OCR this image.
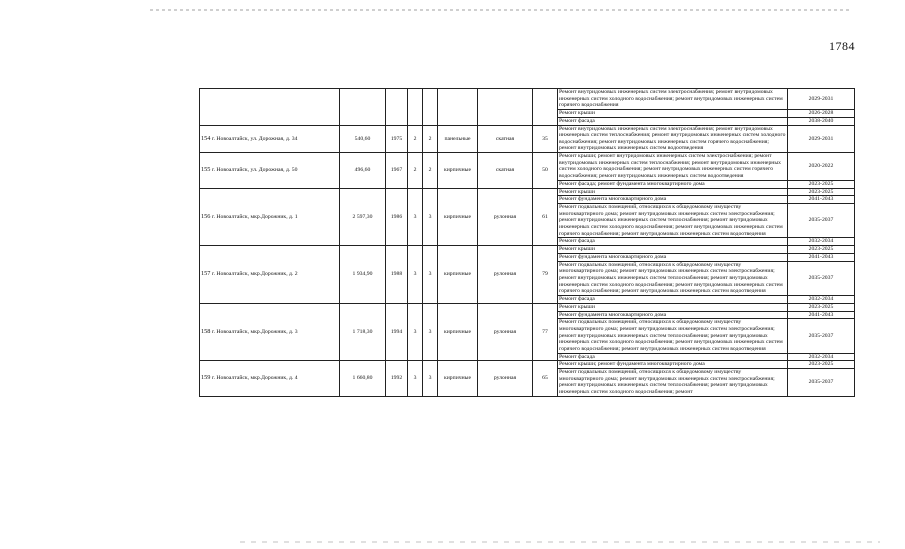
1784
								Ремонт внутридомовых инженерных систем электроснабжения; ремонт внутридомовых инженерных систем холодного водоснабжения; ремонт внутридомовых инженерных систем горячего водоснабжения	2029-2031
								Ремонт крыши	2026-2028
								Ремонт фасада	2038-2040
154 г. Новоалтайск, ул. Дорожная, д. 34	540,60	1975	2	2	панельные	скатная	35	Ремонт внутридомовых инженерных систем электроснабжения; ремонт внутридомовых инженерных систем теплоснабжения; ремонт внутридомовых инженерных систем холодного водоснабжения; ремонт внутридомовых инженерных систем горячего водоснабжения; ремонт внутридомовых инженерных систем водоотведения	2029-2031
155 г. Новоалтайск, ул. Дорожная, д. 50	496,60	1967	2	2	кирпичные	скатная	50	Ремонт крыши; ремонт внутридомовых инженерных систем электроснабжения; ремонт внутридомовых инженерных систем теплоснабжения; ремонт внутридомовых инженерных систем холодного водоснабжения; ремонт внутридомовых инженерных систем горячего водоснабжения; ремонт внутридомовых инженерных систем водоотведения	2020-2022
								Ремонт фасада; ремонт фундамента многоквартирного дома	2023-2025
156 г. Новоалтайск, мкр.Дорожник, д. 1	2 597,30	1986	3	3	кирпичные	рулонная	61	Ремонт крыши	2023-2025
								Ремонт фундамента многоквартирного дома	2041-2043
								Ремонт подвальных помещений, относящихся к общедомовому имуществу многоквартирного дома; ремонт внутридомовых инженерных систем электроснабжения; ремонт внутридомовых инженерных систем теплоснабжения; ремонт внутридомовых инженерных систем холодного водоснабжения; ремонт внутридомовых инженерных систем горячего водоснабжения; ремонт внутридомовых инженерных систем водоотведения	2035-2037
								Ремонт фасада	2032-2034
157 г. Новоалтайск, мкр.Дорожник, д. 2	1 934,90	1988	3	3	кирпичные	рулонная	79	Ремонт крыши	2023-2025
								Ремонт фундамента многоквартирного дома	2041-2043
								Ремонт подвальных помещений, относящихся к общедомовому имуществу многоквартирного дома; ремонт внутридомовых инженерных систем электроснабжения; ремонт внутридомовых инженерных систем теплоснабжения; ремонт внутридомовых инженерных систем холодного водоснабжения; ремонт внутридомовых инженерных систем горячего водоснабжения; ремонт внутридомовых инженерных систем водоотведения	2035-2037
								Ремонт фасада	2032-2034
158 г. Новоалтайск, мкр.Дорожник, д. 3	1 718,30	1994	3	3	кирпичные	рулонная	77	Ремонт крыши	2023-2025
								Ремонт фундамента многоквартирного дома	2041-2043
								Ремонт подвальных помещений, относящихся к общедомовому имуществу многоквартирного дома; ремонт внутридомовых инженерных систем электроснабжения; ремонт внутридомовых инженерных систем теплоснабжения; ремонт внутридомовых инженерных систем холодного водоснабжения; ремонт внутридомовых инженерных систем горячего водоснабжения; ремонт внутридомовых инженерных систем водоотведения	2035-2037
								Ремонт фасада	2032-2034
159 г. Новоалтайск, мкр.Дорожник, д. 4	1 660,80	1992	3	3	кирпичные	рулонная	65	Ремонт крыши; ремонт фундамента многоквартирного дома	2023-2025
								Ремонт подвальных помещений, относящихся к общедомовому имуществу многоквартирного дома; ремонт внутридомовых инженерных систем электроснабжения; ремонт внутридомовых инженерных систем теплоснабжения; ремонт внутридомовых инженерных систем холодного водоснабжения; ремонт	2035-2037
